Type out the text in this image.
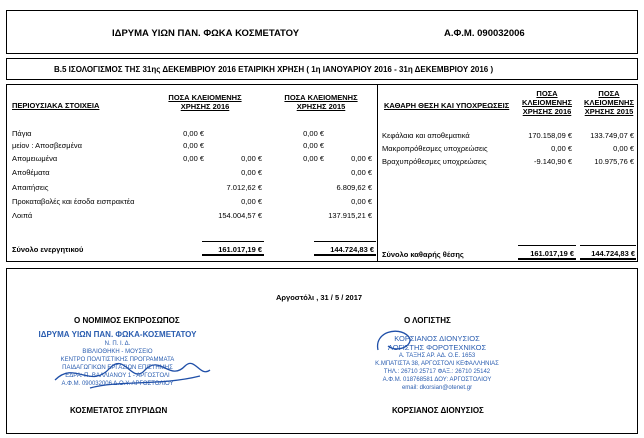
ΙΔΡΥΜΑ ΥΙΩΝ ΠΑΝ. ΦΩΚΑ ΚΟΣΜΕΤΑΤΟΥ	Α.Φ.Μ. 090032006
Β.5 ΙΣΟΛΟΓΙΣΜΟΣ ΤΗΣ 31ης ΔΕΚΕΜΒΡΙΟΥ 2016 ΕΤΑΙΡΙΚΗ ΧΡΗΣΗ ( 1η ΙΑΝΟΥΑΡΙΟΥ 2016 - 31η ΔΕΚΕΜΒΡΙΟΥ 2016 )
ΠΕΡΙΟΥΣΙΑΚΑ ΣΤΟΙΧΕΙΑ
ΠΟΣΑ ΚΛΕΙΟΜΕΝΗΣ ΧΡΗΣΗΣ 2016
ΠΟΣΑ ΚΛΕΙΟΜΕΝΗΣ ΧΡΗΣΗΣ 2015
Πάγια	0,00 €	0,00 €
μείον : Αποσβεσμένα	0,00 €	0,00 €
Απομειωμένα	0,00 €	0,00 €	0,00 €	0,00 €
Αποθέματα	0,00 €	0,00 €
Απαιτήσεις	7.012,62 €	6.809,62 €
Προκαταβολές και έσοδα εισπρακτέα	0,00 €	0,00 €
Λοιπά	154.004,57 €	137.915,21 €
Σύνολο ενεργητικού	161.017,19 €	144.724,83 €
ΚΑΘΑΡΗ ΘΕΣΗ ΚΑΙ ΥΠΟΧΡΕΩΣΕΙΣ
ΠΟΣΑ ΚΛΕΙΟΜΕΝΗΣ ΧΡΗΣΗΣ 2016
ΠΟΣΑ ΚΛΕΙΟΜΕΝΗΣ ΧΡΗΣΗΣ 2015
Κεφάλαια και αποθεματικά	170.158,09 €	133.749,07 €
Μακροπρόθεσμες υποχρεώσεις	0,00 €	0,00 €
Βραχυπρόθεσμες υποχρεώσεις	-9.140,90 €	10.975,76 €
Σύνολο καθαρής θέσης	161.017,19 €	144.724,83 €
Αργοστόλι , 31 / 5 / 2017
Ο ΝΟΜΙΜΟΣ ΕΚΠΡΟΣΩΠΟΣ
ΙΔΡΥΜΑ ΥΙΩΝ ΠΑΝ. ΦΩΚΑ-ΚΟΣΜΕΤΑΤΟΥ
Ν. Π. Ι. Δ.
ΒΙΒΛΙΟΘΗΚΗ - ΜΟΥΣΕΙΟ
ΚΕΝΤΡΟ ΠΟΛΙΤΙΣΤΙΚΗΣ ΠΡΟΓΡΑΜΜΑΤΑ
ΠΑΙΔΑΓΩΓΙΚΩΝ ΕΡΓΑΣΙΩΝ ΕΠΙΣΤΗΜΗΣ
ΕΔΡΑ: Π. ΒΑΛΛΙΑΝΟΥ 1 - ΑΡΓΟΣΤΟΛΙ
Α.Φ.Μ. 090032006 Δ.Ο.Υ. ΑΡΓΟΣΤΟΛΙΟΥ
ΚΟΣΜΕΤΑΤΟΣ ΣΠΥΡΙΔΩΝ
Ο ΛΟΓΙΣΤΗΣ
ΚΟΡΣΙΑΝΟΣ ΔΙΟΝΥΣΙΟΣ
ΛΟΓΙΣΤΗΣ ΦΟΡΟΤΕΧΝΙΚΟΣ
Α. ΤΑΞΗΣ ΑΡ. ΑΔ. Ο.Ε. 1653
Κ.ΜΠΑΤΙΣΤΑ 38, ΑΡΓΟΣΤΟΛΙ ΚΕΦΑΛΛΗΝΙΑΣ
ΤΗΛ.: 26710 25717 ΦΑΞ.: 26710 25142
Α.Φ.Μ. 018768581 ΔΟΥ: ΑΡΓΟΣΤΟΛΙΟΥ
email: dkorsian@otenet.gr
ΚΟΡΣΙΑΝΟΣ ΔΙΟΝΥΣΙΟΣ
